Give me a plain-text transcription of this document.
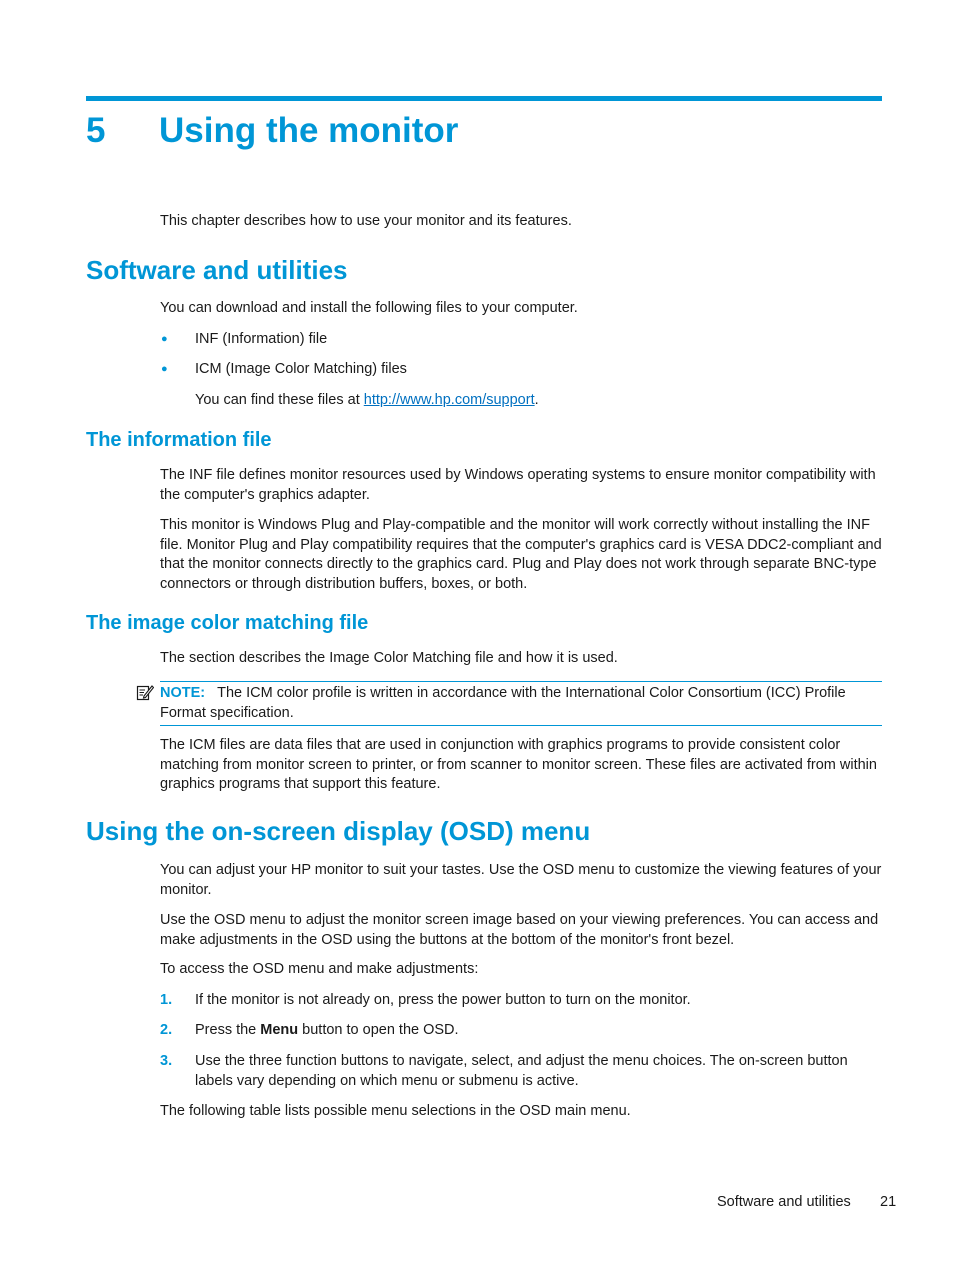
5 Using the monitor
This chapter describes how to use your monitor and its features.
Software and utilities
You can download and install the following files to your computer.
● INF (Information) file
● ICM (Image Color Matching) files
You can find these files at http://www.hp.com/support.
The information file
The INF file defines monitor resources used by Windows operating systems to ensure monitor compatibility with the computer's graphics adapter.
This monitor is Windows Plug and Play-compatible and the monitor will work correctly without installing the INF file. Monitor Plug and Play compatibility requires that the computer's graphics card is VESA DDC2-compliant and that the monitor connects directly to the graphics card. Plug and Play does not work through separate BNC-type connectors or through distribution buffers, boxes, or both.
The image color matching file
The section describes the Image Color Matching file and how it is used.
NOTE: The ICM color profile is written in accordance with the International Color Consortium (ICC) Profile Format specification.
The ICM files are data files that are used in conjunction with graphics programs to provide consistent color matching from monitor screen to printer, or from scanner to monitor screen. These files are activated from within graphics programs that support this feature.
Using the on-screen display (OSD) menu
You can adjust your HP monitor to suit your tastes. Use the OSD menu to customize the viewing features of your monitor.
Use the OSD menu to adjust the monitor screen image based on your viewing preferences. You can access and make adjustments in the OSD using the buttons at the bottom of the monitor's front bezel.
To access the OSD menu and make adjustments:
1. If the monitor is not already on, press the power button to turn on the monitor.
2. Press the Menu button to open the OSD.
3. Use the three function buttons to navigate, select, and adjust the menu choices. The on-screen button labels vary depending on which menu or submenu is active.
The following table lists possible menu selections in the OSD main menu.
Software and utilities 21
